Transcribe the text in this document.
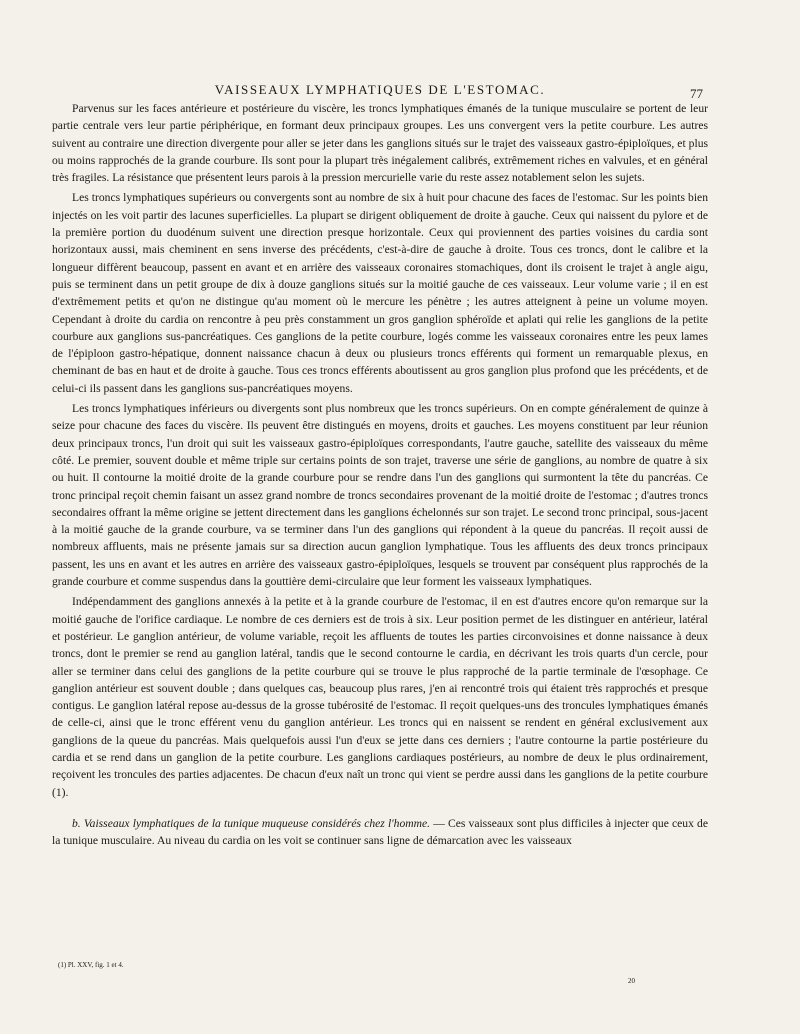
VAISSEAUX LYMPHATIQUES DE L'ESTOMAC.	77

Parvenus sur les faces antérieure et postérieure du viscère, les troncs lymphatiques émanés de la tunique musculaire se portent de leur partie centrale vers leur partie périphérique, en formant deux principaux groupes. Les uns convergent vers la petite courbure. Les autres suivent au contraire une direction divergente pour aller se jeter dans les ganglions situés sur le trajet des vaisseaux gastro-épiploïques, et plus ou moins rapprochés de la grande courbure. Ils sont pour la plupart très inégalement calibrés, extrêmement riches en valvules, et en général très fragiles. La résistance que présentent leurs parois à la pression mercurielle varie du reste assez notablement selon les sujets.

Les troncs lymphatiques supérieurs ou convergents sont au nombre de six à huit pour chacune des faces de l'estomac. Sur les points bien injectés on les voit partir des lacunes superficielles. La plupart se dirigent obliquement de droite à gauche. Ceux qui naissent du pylore et de la première portion du duodénum suivent une direction presque horizontale. Ceux qui proviennent des parties voisines du cardia sont horizontaux aussi, mais cheminent en sens inverse des précédents, c'est-à-dire de gauche à droite. Tous ces troncs, dont le calibre et la longueur diffèrent beaucoup, passent en avant et en arrière des vaisseaux coronaires stomachiques, dont ils croisent le trajet à angle aigu, puis se terminent dans un petit groupe de dix à douze ganglions situés sur la moitié gauche de ces vaisseaux. Leur volume varie ; il en est d'extrêmement petits et qu'on ne distingue qu'au moment où le mercure les pénètre ; les autres atteignent à peine un volume moyen. Cependant à droite du cardia on rencontre à peu près constamment un gros ganglion sphéroïde et aplati qui relie les ganglions de la petite courbure aux ganglions sus-pancréatiques. Ces ganglions de la petite courbure, logés comme les vaisseaux coronaires entre les peux lames de l'épiploon gastro-hépatique, donnent naissance chacun à deux ou plusieurs troncs efférents qui forment un remarquable plexus, en cheminant de bas en haut et de droite à gauche. Tous ces troncs efférents aboutissent au gros ganglion plus profond que les précédents, et de celui-ci ils passent dans les ganglions sus-pancréatiques moyens.

Les troncs lymphatiques inférieurs ou divergents sont plus nombreux que les troncs supérieurs. On en compte généralement de quinze à seize pour chacune des faces du viscère. Ils peuvent être distingués en moyens, droits et gauches. Les moyens constituent par leur réunion deux principaux troncs, l'un droit qui suit les vaisseaux gastro-épiploïques correspondants, l'autre gauche, satellite des vaisseaux du même côté. Le premier, souvent double et même triple sur certains points de son trajet, traverse une série de ganglions, au nombre de quatre à six ou huit. Il contourne la moitié droite de la grande courbure pour se rendre dans l'un des ganglions qui surmontent la tête du pancréas. Ce tronc principal reçoit chemin faisant un assez grand nombre de troncs secondaires provenant de la moitié droite de l'estomac ; d'autres troncs secondaires offrant la même origine se jettent directement dans les ganglions échelonnés sur son trajet. Le second tronc principal, sous-jacent à la moitié gauche de la grande courbure, va se terminer dans l'un des ganglions qui répondent à la queue du pancréas. Il reçoit aussi de nombreux affluents, mais ne présente jamais sur sa direction aucun ganglion lymphatique. Tous les affluents des deux troncs principaux passent, les uns en avant et les autres en arrière des vaisseaux gastro-épiploïques, lesquels se trouvent par conséquent plus rapprochés de la grande courbure et comme suspendus dans la gouttière demi-circulaire que leur forment les vaisseaux lymphatiques.

Indépendamment des ganglions annexés à la petite et à la grande courbure de l'estomac, il en est d'autres encore qu'on remarque sur la moitié gauche de l'orifice cardiaque. Le nombre de ces derniers est de trois à six. Leur position permet de les distinguer en antérieur, latéral et postérieur. Le ganglion antérieur, de volume variable, reçoit les affluents de toutes les parties circonvoisines et donne naissance à deux troncs, dont le premier se rend au ganglion latéral, tandis que le second contourne le cardia, en décrivant les trois quarts d'un cercle, pour aller se terminer dans celui des ganglions de la petite courbure qui se trouve le plus rapproché de la partie terminale de l'œsophage. Ce ganglion antérieur est souvent double ; dans quelques cas, beaucoup plus rares, j'en ai rencontré trois qui étaient très rapprochés et presque contigus. Le ganglion latéral repose au-dessus de la grosse tubérosité de l'estomac. Il reçoit quelques-uns des troncules lymphatiques émanés de celle-ci, ainsi que le tronc efférent venu du ganglion antérieur. Les troncs qui en naissent se rendent en général exclusivement aux ganglions de la queue du pancréas. Mais quelquefois aussi l'un d'eux se jette dans ces derniers ; l'autre contourne la partie postérieure du cardia et se rend dans un ganglion de la petite courbure. Les ganglions cardiaques postérieurs, au nombre de deux le plus ordinairement, reçoivent les troncules des parties adjacentes. De chacun d'eux naît un tronc qui vient se perdre aussi dans les ganglions de la petite courbure (1).

b. Vaisseaux lymphatiques de la tunique muqueuse considérés chez l'homme. — Ces vaisseaux sont plus difficiles à injecter que ceux de la tunique musculaire. Au niveau du cardia on les voit se continuer sans ligne de démarcation avec les vaisseaux

(1) Pl. XXV, fig. 1 et 4.
20
